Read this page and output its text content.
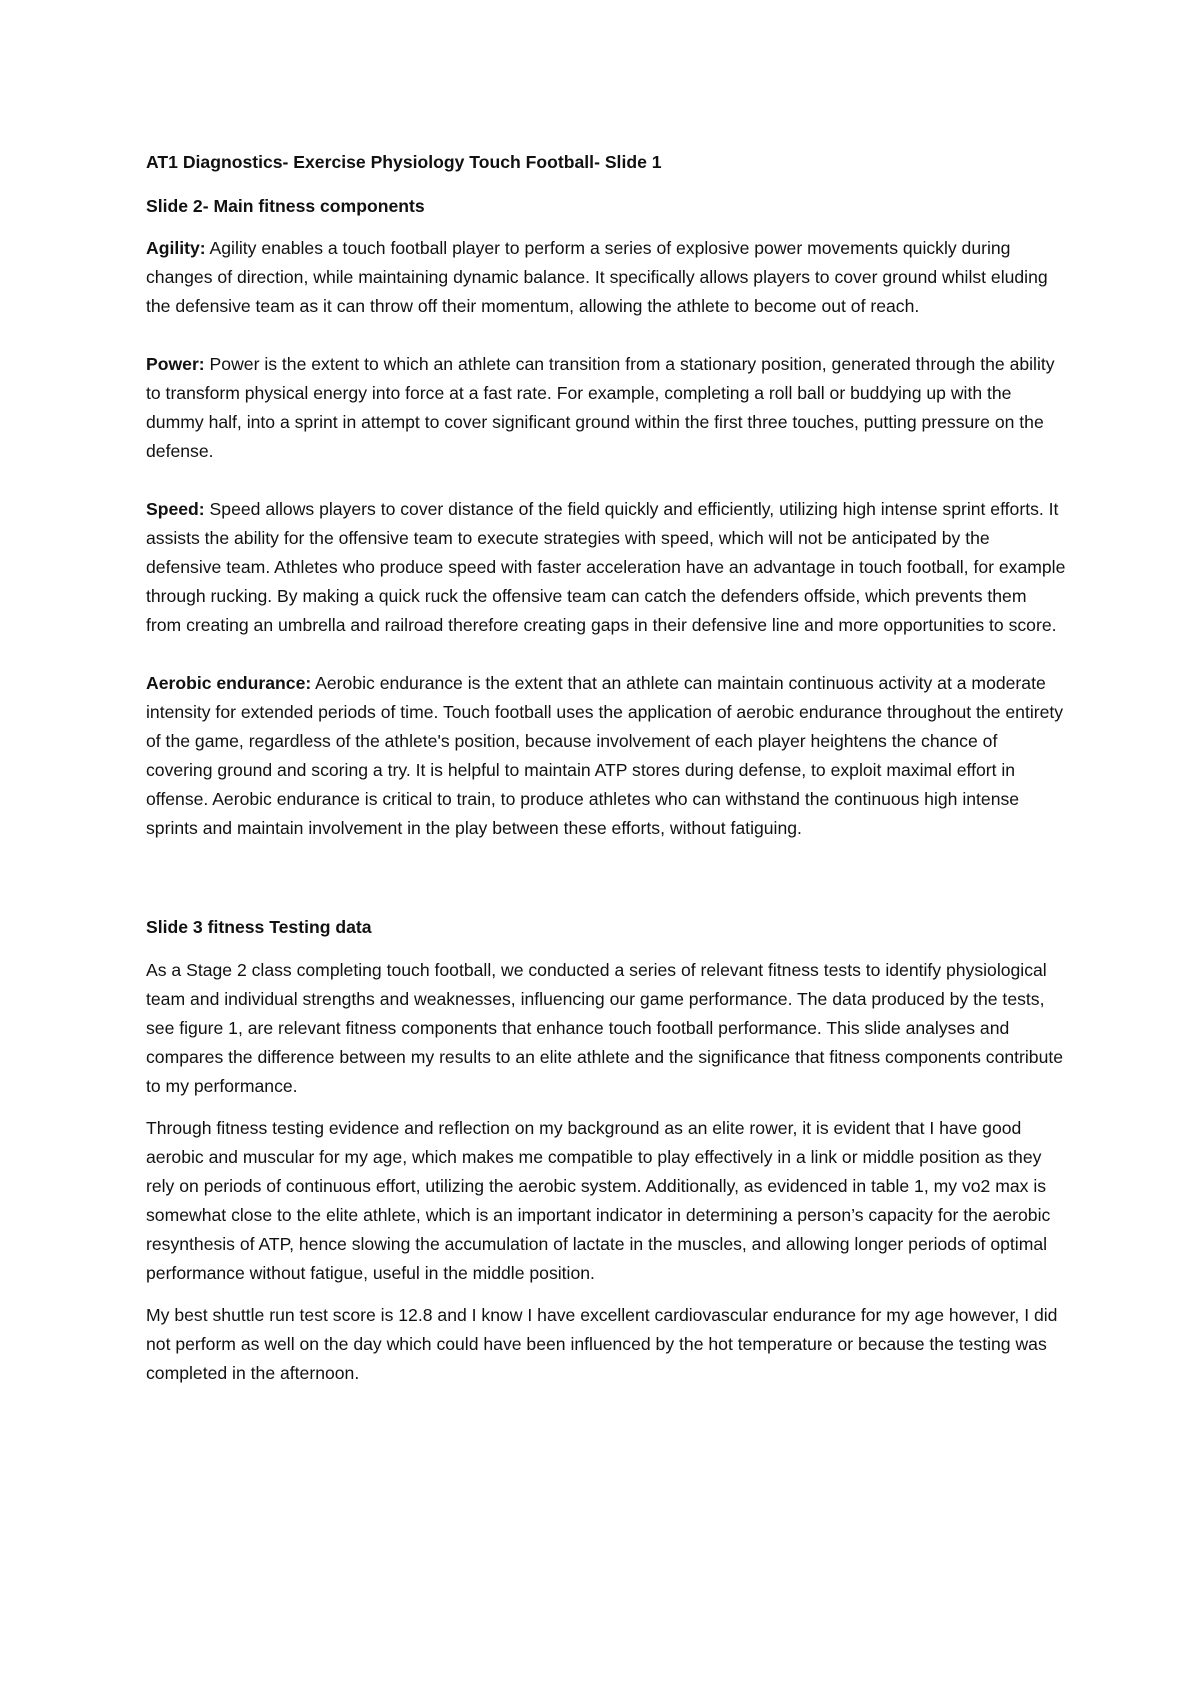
AT1 Diagnostics- Exercise Physiology Touch Football- Slide 1

Slide 2- Main fitness components

Agility: Agility enables a touch football player to perform a series of explosive power movements quickly during changes of direction, while maintaining dynamic balance. It specifically allows players to cover ground whilst eluding the defensive team as it can throw off their momentum, allowing the athlete to become out of reach.

Power: Power is the extent to which an athlete can transition from a stationary position, generated through the ability to transform physical energy into force at a fast rate. For example, completing a roll ball or buddying up with the dummy half, into a sprint in attempt to cover significant ground within the first three touches, putting pressure on the defense.

Speed: Speed allows players to cover distance of the field quickly and efficiently, utilizing high intense sprint efforts. It assists the ability for the offensive team to execute strategies with speed, which will not be anticipated by the defensive team. Athletes who produce speed with faster acceleration have an advantage in touch football, for example through rucking. By making a quick ruck the offensive team can catch the defenders offside, which prevents them from creating an umbrella and railroad therefore creating gaps in their defensive line and more opportunities to score.

Aerobic endurance: Aerobic endurance is the extent that an athlete can maintain continuous activity at a moderate intensity for extended periods of time. Touch football uses the application of aerobic endurance throughout the entirety of the game, regardless of the athlete's position, because involvement of each player heightens the chance of covering ground and scoring a try. It is helpful to maintain ATP stores during defense, to exploit maximal effort in offense. Aerobic endurance is critical to train, to produce athletes who can withstand the continuous high intense sprints and maintain involvement in the play between these efforts, without fatiguing.

Slide 3 fitness Testing data

As a Stage 2 class completing touch football, we conducted a series of relevant fitness tests to identify physiological team and individual strengths and weaknesses, influencing our game performance. The data produced by the tests, see figure 1, are relevant fitness components that enhance touch football performance. This slide analyses and compares the difference between my results to an elite athlete and the significance that fitness components contribute to my performance.

Through fitness testing evidence and reflection on my background as an elite rower, it is evident that I have good aerobic and muscular for my age, which makes me compatible to play effectively in a link or middle position as they rely on periods of continuous effort, utilizing the aerobic system. Additionally, as evidenced in table 1, my vo2 max is somewhat close to the elite athlete, which is an important indicator in determining a person’s capacity for the aerobic resynthesis of ATP, hence slowing the accumulation of lactate in the muscles, and allowing longer periods of optimal performance without fatigue, useful in the middle position.

My best shuttle run test score is 12.8 and I know I have excellent cardiovascular endurance for my age however, I did not perform as well on the day which could have been influenced by the hot temperature or because the testing was completed in the afternoon.
